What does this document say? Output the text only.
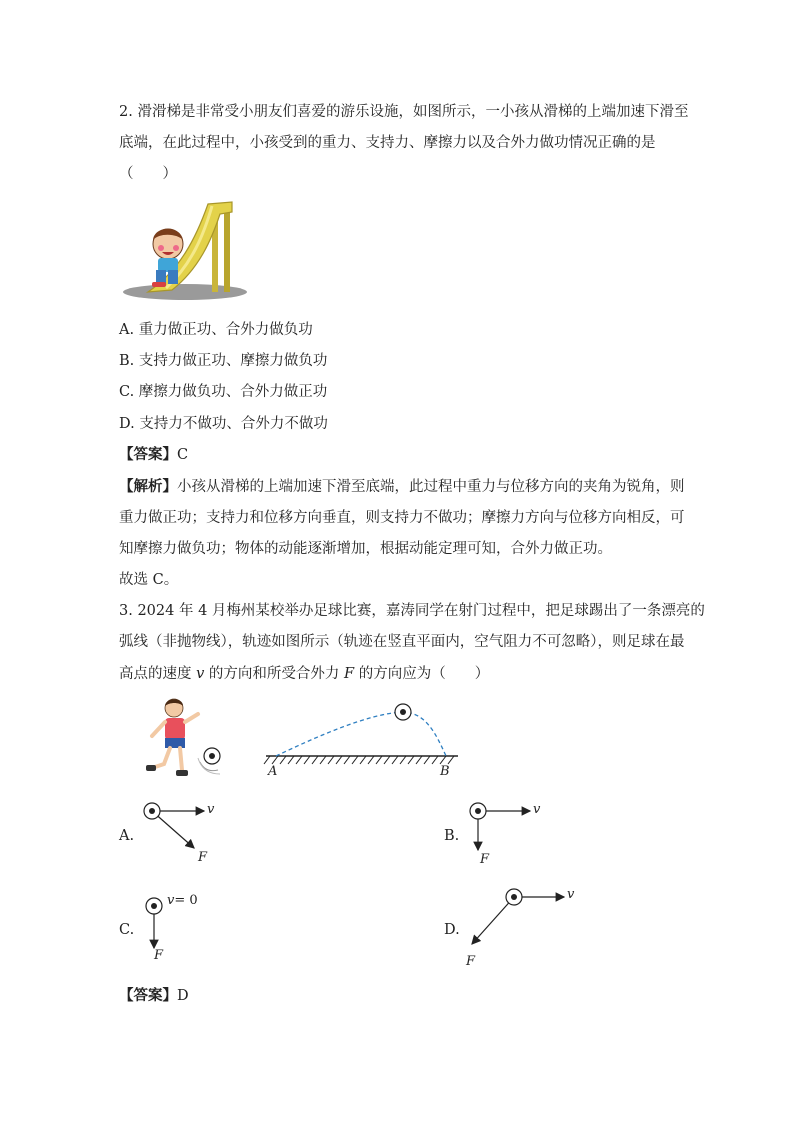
2. 滑滑梯是非常受小朋友们喜爱的游乐设施，如图所示，一小孩从滑梯的上端加速下滑至
底端，在此过程中，小孩受到的重力、支持力、摩擦力以及合外力做功情况正确的是
（　　）
A. 重力做正功、合外力做负功
B. 支持力做正功、摩擦力做负功
C. 摩擦力做负功、合外力做正功
D. 支持力不做功、合外力不做功
【答案】C
【解析】小孩从滑梯的上端加速下滑至底端，此过程中重力与位移方向的夹角为锐角，则
重力做正功；支持力和位移方向垂直，则支持力不做功；摩擦力方向与位移方向相反，可
知摩擦力做负功；物体的动能逐渐增加，根据动能定理可知，合外力做正功。
故选 C。
3. 2024 年 4 月梅州某校举办足球比赛，嘉涛同学在射门过程中，把足球踢出了一条漂亮的
弧线（非抛物线），轨迹如图所示（轨迹在竖直平面内，空气阻力不可忽略），则足球在最
高点的速度 v 的方向和所受合外力 F 的方向应为（　　）
A	B
A.
v
F
B.
v
F
C.
v= 0
F
D.
v
F
【答案】D
